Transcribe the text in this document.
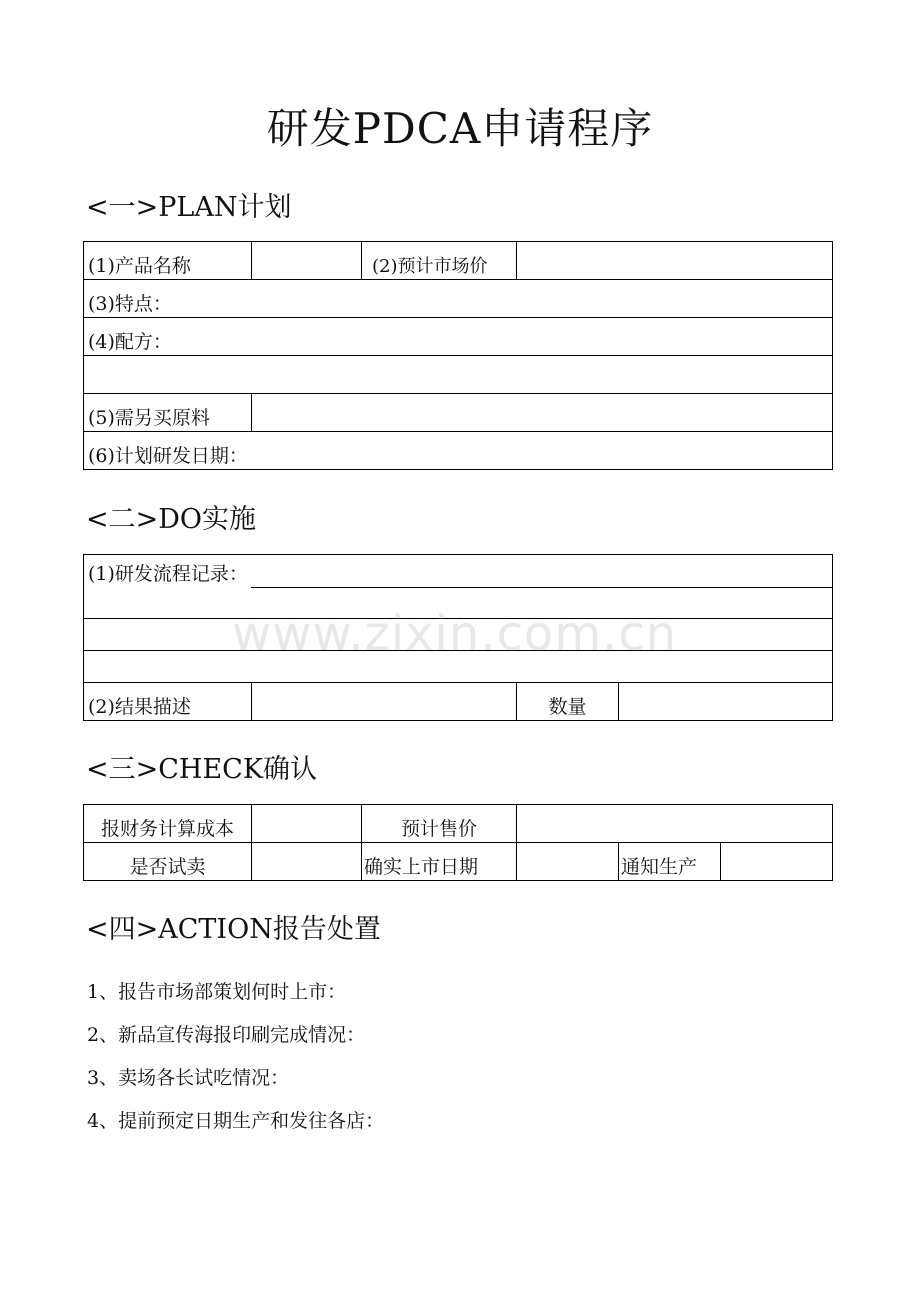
研发PDCA申请程序
<一>PLAN计划
(1)产品名称	(2)预计市场价
(3)特点：
(4)配方：
(5)需另买原料
(6)计划研发日期：
<二>DO实施
(1)研发流程记录：
(2)结果描述	数量
<三>CHECK确认
报财务计算成本	预计售价
是否试卖	确实上市日期	通知生产
<四>ACTION报告处置
1、报告市场部策划何时上市：
2、新品宣传海报印刷完成情况：
3、卖场各长试吃情况：
4、提前预定日期生产和发往各店：
www.zixin.com.cn
